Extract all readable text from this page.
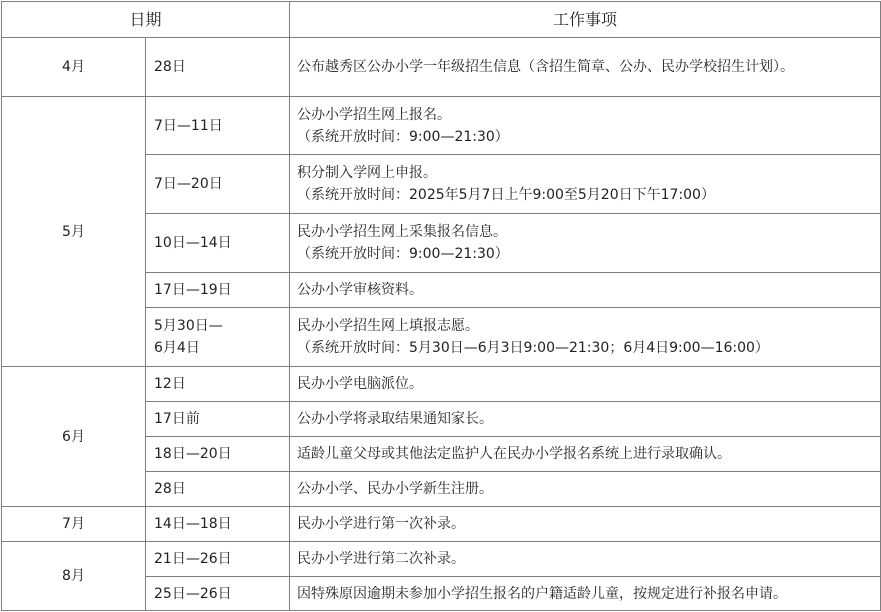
日期		工作事项
4月	28日	公布越秀区公办小学一年级招生信息（含招生简章、公办、民办学校招生计划）。

5月	7日—11日	公办小学招生网上报名。
（系统开放时间：9:00—21:30）

	7日—20日	积分制入学网上申报。
（系统开放时间：2025年5月7日上午9:00至5月20日下午17:00）

	10日—14日	民办小学招生网上采集报名信息。
（系统开放时间：9:00—21:30）

	17日—19日	公办小学审核资料。

	5月30日—
6月4日	民办小学招生网上填报志愿。
（系统开放时间：5月30日—6月3日9:00—21:30；6月4日9:00—16:00）

6月	12日	民办小学电脑派位。

	17日前	公办小学将录取结果通知家长。

	18日—20日	适龄儿童父母或其他法定监护人在民办小学报名系统上进行录取确认。

	28日	公办小学、民办小学新生注册。

7月	14日—18日	民办小学进行第一次补录。

8月	21日—26日	民办小学进行第二次补录。

	25日—26日	因特殊原因逾期未参加小学招生报名的户籍适龄儿童，按规定进行补报名申请。
